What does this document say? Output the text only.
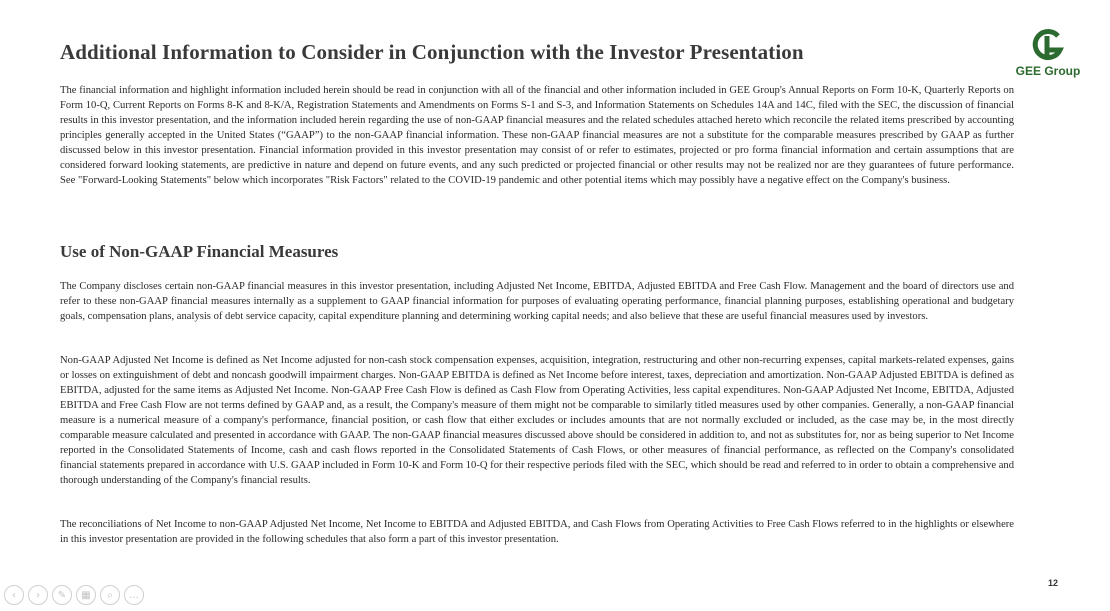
Additional Information to Consider in Conjunction with the Investor Presentation
GEE Group
The financial information and highlight information included herein should be read in conjunction with all of the financial and other information included in GEE Group's Annual Reports on Form 10-K, Quarterly Reports on Form 10-Q, Current Reports on Forms 8-K and 8-K/A, Registration Statements and Amendments on Forms S-1 and S-3, and Information Statements on Schedules 14A and 14C, filed with the SEC, the discussion of financial results in this investor presentation, and the information included herein regarding the use of non-GAAP financial measures and the related schedules attached hereto which reconcile the related items prescribed by accounting principles generally accepted in the United States (“GAAP”) to the non-GAAP financial information. These non-GAAP financial measures are not a substitute for the comparable measures prescribed by GAAP as further discussed below in this investor presentation. Financial information provided in this investor presentation may consist of or refer to estimates, projected or pro forma financial information and certain assumptions that are considered forward looking statements, are predictive in nature and depend on future events, and any such predicted or projected financial or other results may not be realized nor are they guarantees of future performance. See "Forward-Looking Statements" below which incorporates "Risk Factors" related to the COVID-19 pandemic and other potential items which may possibly have a negative effect on the Company's business.
Use of Non-GAAP Financial Measures
The Company discloses certain non-GAAP financial measures in this investor presentation, including Adjusted Net Income, EBITDA, Adjusted EBITDA and Free Cash Flow. Management and the board of directors use and refer to these non-GAAP financial measures internally as a supplement to GAAP financial information for purposes of evaluating operating performance, financial planning purposes, establishing operational and budgetary goals, compensation plans, analysis of debt service capacity, capital expenditure planning and determining working capital needs; and also believe that these are useful financial measures used by investors.
Non-GAAP Adjusted Net Income is defined as Net Income adjusted for non-cash stock compensation expenses, acquisition, integration, restructuring and other non-recurring expenses, capital markets-related expenses, gains or losses on extinguishment of debt and noncash goodwill impairment charges. Non-GAAP EBITDA is defined as Net Income before interest, taxes, depreciation and amortization. Non-GAAP Adjusted EBITDA is defined as EBITDA, adjusted for the same items as Adjusted Net Income. Non-GAAP Free Cash Flow is defined as Cash Flow from Operating Activities, less capital expenditures. Non-GAAP Adjusted Net Income, EBITDA, Adjusted EBITDA and Free Cash Flow are not terms defined by GAAP and, as a result, the Company's measure of them might not be comparable to similarly titled measures used by other companies. Generally, a non-GAAP financial measure is a numerical measure of a company's performance, financial position, or cash flow that either excludes or includes amounts that are not normally excluded or included, as the case may be, in the most directly comparable measure calculated and presented in accordance with GAAP. The non-GAAP financial measures discussed above should be considered in addition to, and not as substitutes for, nor as being superior to Net Income reported in the Consolidated Statements of Income, cash and cash flows reported in the Consolidated Statements of Cash Flows, or other measures of financial performance, as reflected on the Company's consolidated financial statements prepared in accordance with U.S. GAAP included in Form 10-K and Form 10-Q for their respective periods filed with the SEC, which should be read and referred to in order to obtain a comprehensive and thorough understanding of the Company's financial results.
The reconciliations of Net Income to non-GAAP Adjusted Net Income, Net Income to EBITDA and Adjusted EBITDA, and Cash Flows from Operating Activities to Free Cash Flows referred to in the highlights or elsewhere in this investor presentation are provided in the following schedules that also form a part of this investor presentation.
12
‹ › ✎ ▦ ⌕ …
